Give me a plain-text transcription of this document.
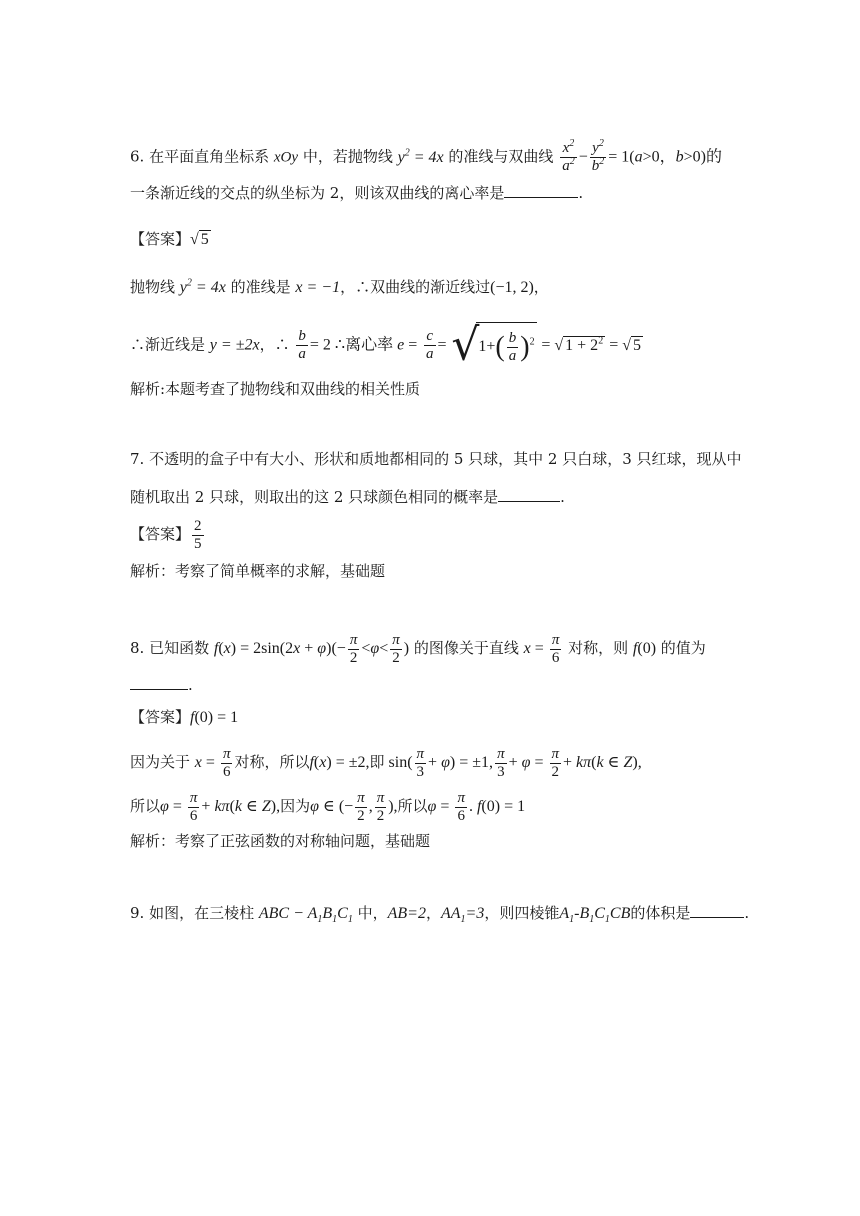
6. 在平面直角坐标系 xOy 中，若抛物线 $y^2 = 4x$ 的准线与双曲线 $\frac{x^2}{a^2} - \frac{y^2}{b^2} = 1(a>0$，b>0)的
一条渐近线的交点的纵坐标为 2，则该双曲线的离心率是	.
【答案】√ 5
抛物线 $y^2 = 4x$ 的准线是 x = −1，∴双曲线的渐近线过(−1, 2)，
∴渐近线是 y = ±2x，∴ $\frac{b}{a} = 2$ ∴离心率 $e = \frac{c}{a} = √1+( \frac{b}{a} )^2$ = √ $1 + 2^2$ = √ 5
解析:本题考查了抛物线和双曲线的相关性质
7. 不透明的盒子中有大小、形状和质地都相同的 5 只球，其中 2 只白球，3 只红球，现从中
随机取出 2 只球，则取出的这 2 只球颜色相同的概率是	.
【答案】 $\frac{2}{5}$
解析：考察了简单概率的求解，基础题
8. 已知函数 $f(x) = 2\sin(2x + \varphi)(- \frac{\pi}{2} <\varphi< \frac{\pi}{2}$ ) 的图像关于直线 $x = \frac{\pi}{6}$ 对称，则 f(0) 的值为
.
【答案】f(0) = 1
因为关于 $x = \frac{\pi}{6}$ 对称，所以f(x) = ±2,即 $\sin( \frac{\pi}{3} + \varphi) = \pm 1$, $\frac{\pi}{3} + \varphi = \frac{\pi}{2} + k\pi(k$ ∈ Z),
所以$\varphi = \frac{\pi}{6} + k\pi(k$ ∈ Z),因为φ ∈ (− $\frac{\pi}{2}$ , $\frac{\pi}{2}$ ),所以$\varphi = \frac{\pi}{6}$ . f(0) = 1
解析：考察了正弦函数的对称轴问题，基础题
9. 如图，在三棱柱 ABC − $A_1B_1C_1$ 中，AB=2，$AA_1=3$，则四棱锥$A_1-B_1C_1CB$的体积是	.
